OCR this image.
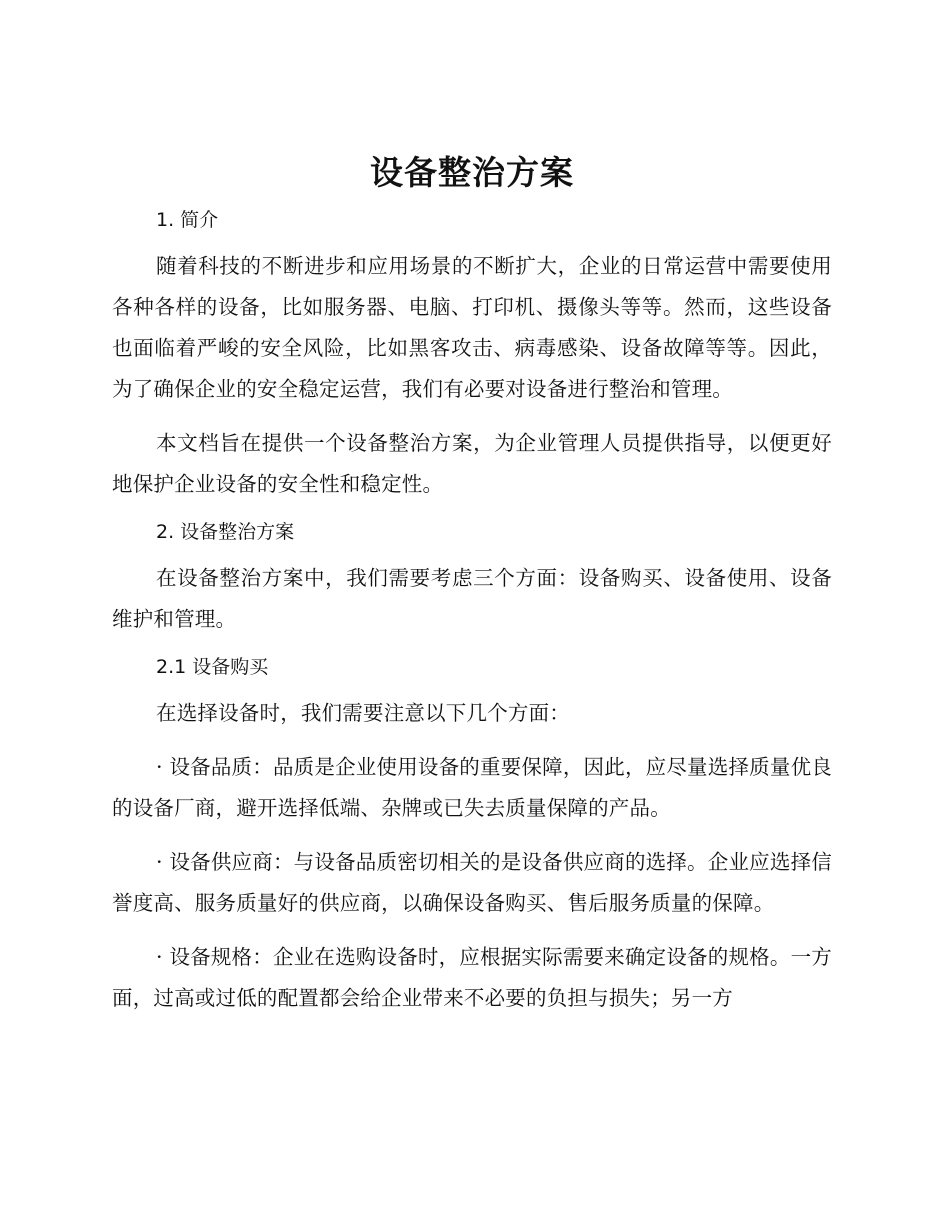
设备整治方案
1. 简介

随着科技的不断进步和应用场景的不断扩大，企业的日常运营中需要使用各种各样的设备，比如服务器、电脑、打印机、摄像头等等。然而，这些设备也面临着严峻的安全风险，比如黑客攻击、病毒感染、设备故障等等。因此，为了确保企业的安全稳定运营，我们有必要对设备进行整治和管理。

本文档旨在提供一个设备整治方案，为企业管理人员提供指导，以便更好地保护企业设备的安全性和稳定性。

2. 设备整治方案

在设备整治方案中，我们需要考虑三个方面：设备购买、设备使用、设备维护和管理。

2.1 设备购买

在选择设备时，我们需要注意以下几个方面：

· 设备品质：品质是企业使用设备的重要保障，因此，应尽量选择质量优良的设备厂商，避开选择低端、杂牌或已失去质量保障的产品。

· 设备供应商：与设备品质密切相关的是设备供应商的选择。企业应选择信誉度高、服务质量好的供应商，以确保设备购买、售后服务质量的保障。

· 设备规格：企业在选购设备时，应根据实际需要来确定设备的规格。一方面，过高或过低的配置都会给企业带来不必要的负担与损失；另一方
